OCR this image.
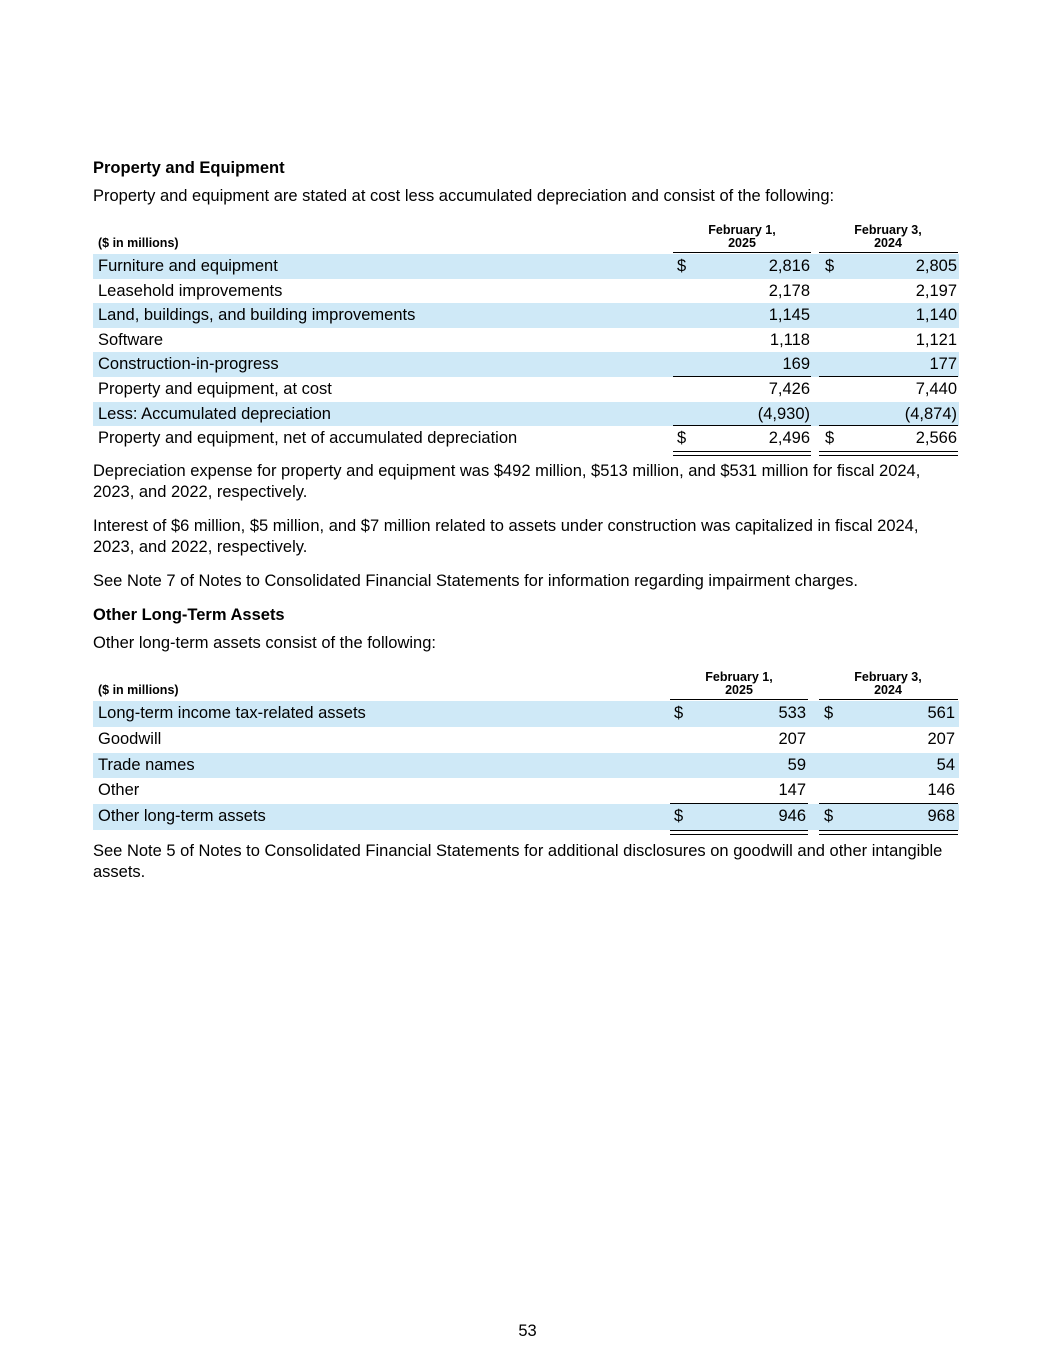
Property and Equipment
Property and equipment are stated at cost less accumulated depreciation and consist of the following:
February 1,
2025
February 3,
2024
($ in millions)
Furniture and equipment	$	2,816 $	2,805
Leasehold improvements	2,178	2,197
Land, buildings, and building improvements	1,145	1,140
Software	1,118	1,121
Construction-in-progress	169	177
Property and equipment, at cost	7,426	7,440
Less: Accumulated depreciation	(4,930)	(4,874)
Property and equipment, net of accumulated depreciation	$	2,496 $	2,566
Depreciation expense for property and equipment was $492 million, $513 million, and $531 million for fiscal 2024, 2023, and 2022, respectively.
Interest of $6 million, $5 million, and $7 million related to assets under construction was capitalized in fiscal 2024, 2023, and 2022, respectively.
See Note 7 of Notes to Consolidated Financial Statements for information regarding impairment charges.
Other Long-Term Assets
Other long-term assets consist of the following:
February 1,
2025
February 3,
2024
($ in millions)
Long-term income tax-related assets	$	533 $	561
Goodwill	207	207
Trade names	59	54
Other	147	146
Other long-term assets	$	946 $	968
See Note 5 of Notes to Consolidated Financial Statements for additional disclosures on goodwill and other intangible assets.
53
